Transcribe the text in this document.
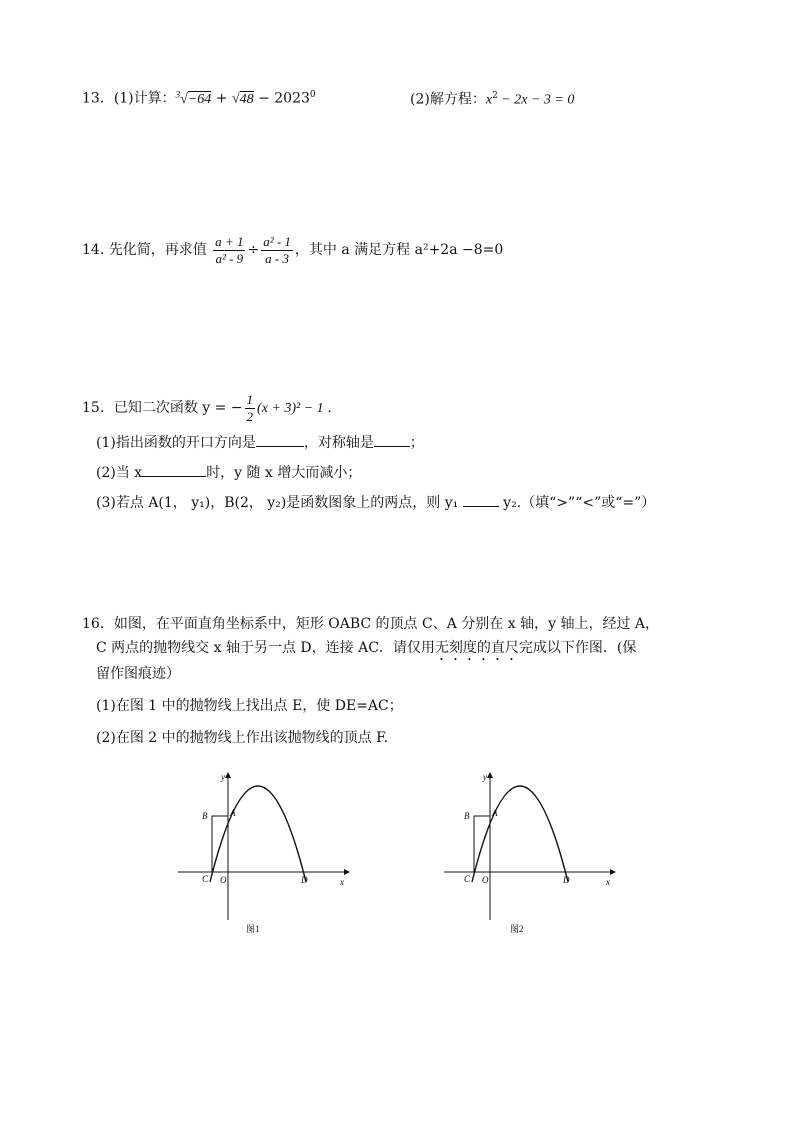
13．(1)计算：$^3√-64 + √48 - 2023^0$	(2)解方程：$x^2 - 2x - 3 = 0$
14. 先化简，再求值 $\frac{a + 1}{\text{a² - 9}} \div \frac{\text{a² - 1}}{a - 3}$ ，其中 a 满足方程 a²+2a −8=0
15．已知二次函数 y = − $\frac{1}{2} (x + 3)^2 - 1$ ．
(1)指出函数的开口方向是	，对称轴是	；
(2)当 x	时，y 随 x 增大而减小；
(3)若点 A(1， y₁)，B(2， y₂)是函数图象上的两点，则 y₁	y₂.（填“>”“<”或“=”）
16．如图，在平面直角坐标系中，矩形 OABC 的顶点 C、A 分别在 x 轴，y 轴上，经过 A，
C 两点的抛物线交 x 轴于另一点 D，连接 AC．请仅用无刻度的直尺完成以下作图．(保
留作图痕迹）
(1)在图 1 中的抛物线上找出点 E，使 DE=AC；
(2)在图 2 中的抛物线上作出该抛物线的顶点 F.
y
x
B	A
C O	D
图1
y
x
B	A
C O	D
图2
